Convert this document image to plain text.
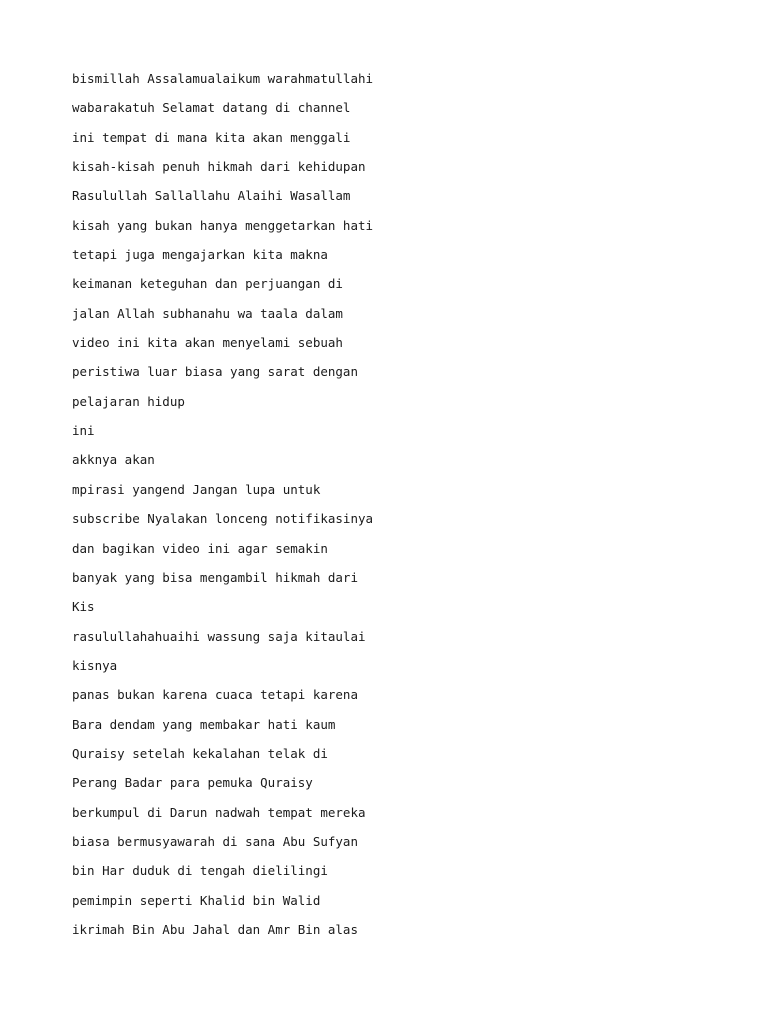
bismillah Assalamualaikum warahmatullahi
wabarakatuh Selamat datang di channel
ini tempat di mana kita akan menggali
kisah-kisah penuh hikmah dari kehidupan
Rasulullah Sallallahu Alaihi Wasallam
kisah yang bukan hanya menggetarkan hati
tetapi juga mengajarkan kita makna
keimanan keteguhan dan perjuangan di
jalan Allah subhanahu wa taala dalam
video ini kita akan menyelami sebuah
peristiwa luar biasa yang sarat dengan
pelajaran hidup
ini
akknya akan
mpirasi yangend Jangan lupa untuk
subscribe Nyalakan lonceng notifikasinya
dan bagikan video ini agar semakin
banyak yang bisa mengambil hikmah dari
Kis
rasulullahahuaihi wassung saja kitaulai
kisnya
panas bukan karena cuaca tetapi karena
Bara dendam yang membakar hati kaum
Quraisy setelah kekalahan telak di
Perang Badar para pemuka Quraisy
berkumpul di Darun nadwah tempat mereka
biasa bermusyawarah di sana Abu Sufyan
bin Har duduk di tengah dielilingi
pemimpin seperti Khalid bin Walid
ikrimah Bin Abu Jahal dan Amr Bin alas
